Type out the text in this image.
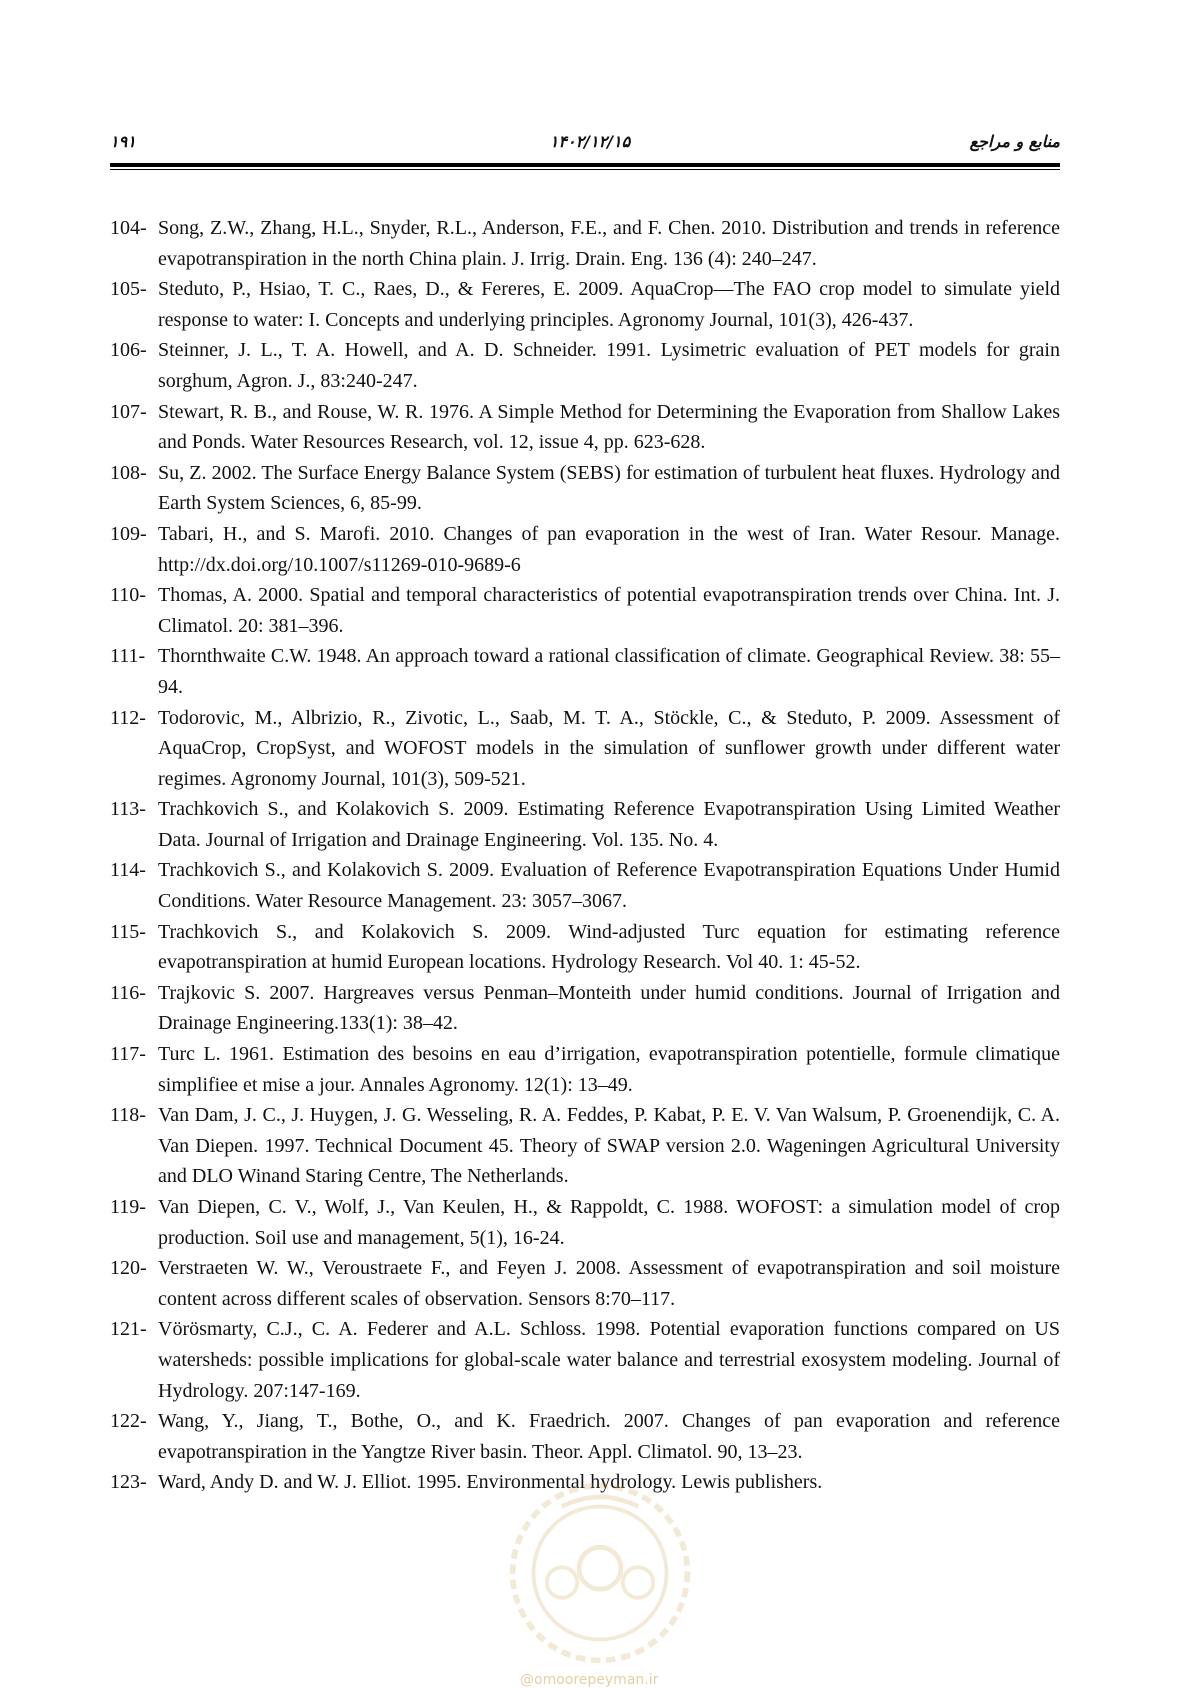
۱۹۱	۱۴۰۲/۱۲/۱۵	منابع و مراجع
104- Song, Z.W., Zhang, H.L., Snyder, R.L., Anderson, F.E., and F. Chen. 2010. Distribution and trends in reference evapotranspiration in the north China plain. J. Irrig. Drain. Eng. 136 (4): 240–247.
105- Steduto, P., Hsiao, T. C., Raes, D., & Fereres, E. 2009. AquaCrop—The FAO crop model to simulate yield response to water: I. Concepts and underlying principles. Agronomy Journal, 101(3), 426-437.
106- Steinner, J. L., T. A. Howell, and A. D. Schneider. 1991. Lysimetric evaluation of PET models for grain sorghum, Agron. J., 83:240-247.
107- Stewart, R. B., and Rouse, W. R. 1976. A Simple Method for Determining the Evaporation from Shallow Lakes and Ponds. Water Resources Research, vol. 12, issue 4, pp. 623-628.
108- Su, Z. 2002. The Surface Energy Balance System (SEBS) for estimation of turbulent heat fluxes. Hydrology and Earth System Sciences, 6, 85-99.
109- Tabari, H., and S. Marofi. 2010. Changes of pan evaporation in the west of Iran. Water Resour. Manage. http://dx.doi.org/10.1007/s11269-010-9689-6
110- Thomas, A. 2000. Spatial and temporal characteristics of potential evapotranspiration trends over China. Int. J. Climatol. 20: 381–396.
111- Thornthwaite C.W. 1948. An approach toward a rational classification of climate. Geographical Review. 38: 55–94.
112- Todorovic, M., Albrizio, R., Zivotic, L., Saab, M. T. A., Stöckle, C., & Steduto, P. 2009. Assessment of AquaCrop, CropSyst, and WOFOST models in the simulation of sunflower growth under different water regimes. Agronomy Journal, 101(3), 509-521.
113- Trachkovich S., and Kolakovich S. 2009. Estimating Reference Evapotranspiration Using Limited Weather Data. Journal of Irrigation and Drainage Engineering. Vol. 135. No. 4.
114- Trachkovich S., and Kolakovich S. 2009. Evaluation of Reference Evapotranspiration Equations Under Humid Conditions. Water Resource Management. 23: 3057–3067.
115- Trachkovich S., and Kolakovich S. 2009. Wind-adjusted Turc equation for estimating reference evapotranspiration at humid European locations. Hydrology Research. Vol 40. 1: 45-52.
116- Trajkovic S. 2007. Hargreaves versus Penman–Monteith under humid conditions. Journal of Irrigation and Drainage Engineering.133(1): 38–42.
117- Turc L. 1961. Estimation des besoins en eau d’irrigation, evapotranspiration potentielle, formule climatique simplifiee et mise a jour. Annales Agronomy. 12(1): 13–49.
118- Van Dam, J. C., J. Huygen, J. G. Wesseling, R. A. Feddes, P. Kabat, P. E. V. Van Walsum, P. Groenendijk, C. A. Van Diepen. 1997. Technical Document 45. Theory of SWAP version 2.0. Wageningen Agricultural University and DLO Winand Staring Centre, The Netherlands.
119- Van Diepen, C. V., Wolf, J., Van Keulen, H., & Rappoldt, C. 1988. WOFOST: a simulation model of crop production. Soil use and management, 5(1), 16-24.
120- Verstraeten W. W., Veroustraete F., and Feyen J. 2008. Assessment of evapotranspiration and soil moisture content across different scales of observation. Sensors 8:70–117.
121- Vörösmarty, C.J., C. A. Federer and A.L. Schloss. 1998. Potential evaporation functions compared on US watersheds: possible implications for global-scale water balance and terrestrial exosystem modeling. Journal of Hydrology. 207:147-169.
122- Wang, Y., Jiang, T., Bothe, O., and K. Fraedrich. 2007. Changes of pan evaporation and reference evapotranspiration in the Yangtze River basin. Theor. Appl. Climatol. 90, 13–23.
123- Ward, Andy D. and W. J. Elliot. 1995. Environmental hydrology. Lewis publishers.
@omoorepeyman.ir
